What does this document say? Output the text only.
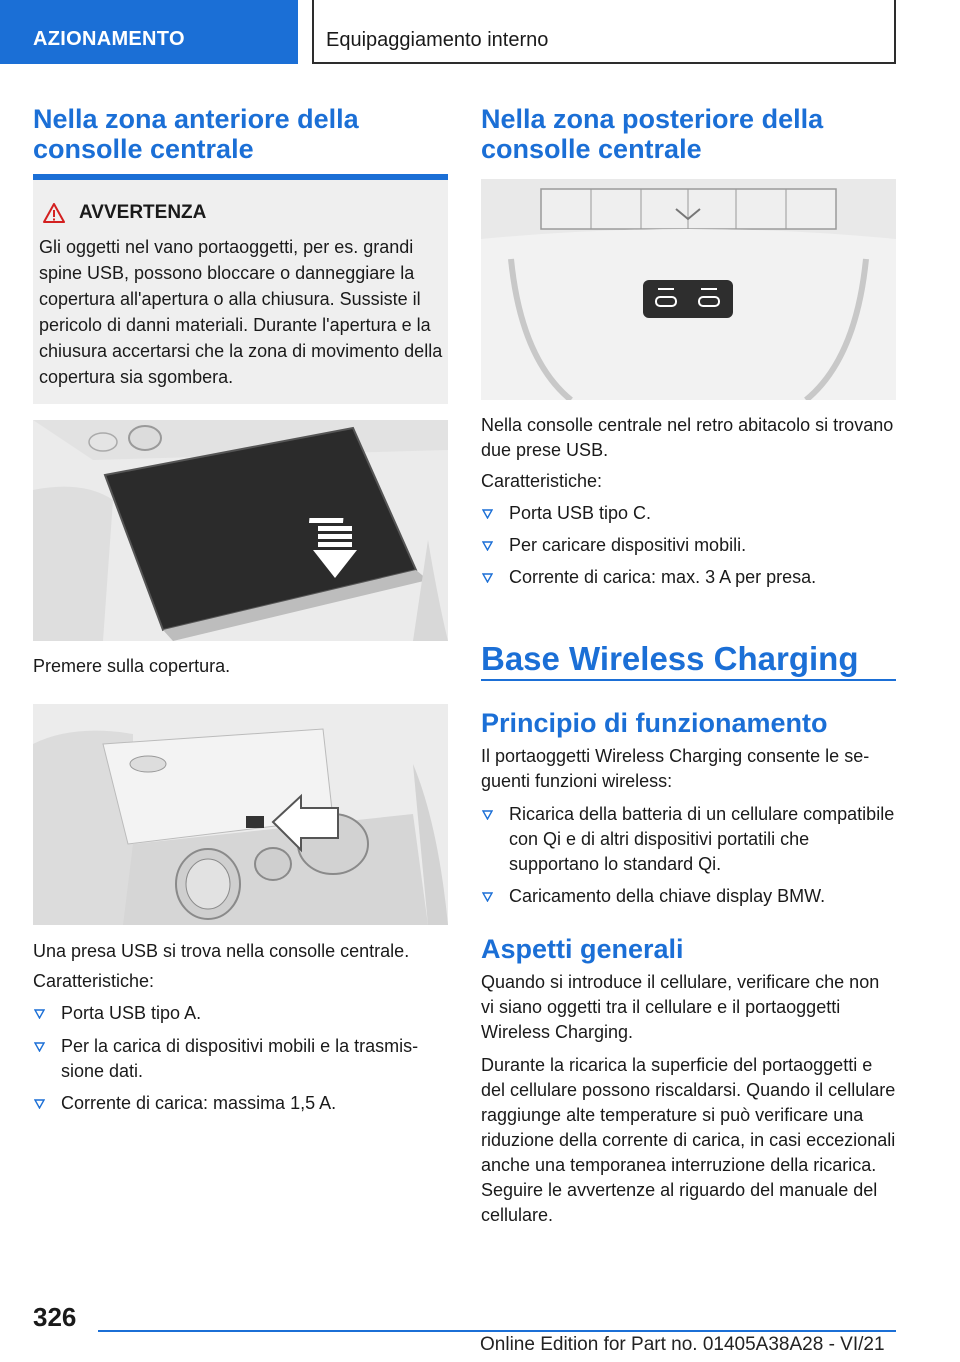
AZIONAMENTO	Equipaggiamento interno
Nella zona anteriore della consolle centrale
AVVERTENZA
Gli oggetti nel vano portaoggetti, per es. grandi spine USB, possono bloccare o danneggiare la copertura all'apertura o alla chiusura. Sussiste il pericolo di danni materiali. Durante l'apertura e la chiusura accertarsi che la zona di movimento della copertura sia sgombera.
Premere sulla copertura.
Una presa USB si trova nella consolle centrale.
Caratteristiche:
Porta USB tipo A.
Per la carica di dispositivi mobili e la trasmissione dati.
Corrente di carica: massima 1,5 A.
Nella zona posteriore della consolle centrale
Nella consolle centrale nel retro abitacolo si trovano due prese USB.
Caratteristiche:
Porta USB tipo C.
Per caricare dispositivi mobili.
Corrente di carica: max. 3 A per presa.
Base Wireless Charging
Principio di funzionamento
Il portaoggetti Wireless Charging consente le seguenti funzioni wireless:
Ricarica della batteria di un cellulare compatibile con Qi e di altri dispositivi portatili che supportano lo standard Qi.
Caricamento della chiave display BMW.
Aspetti generali
Quando si introduce il cellulare, verificare che non vi siano oggetti tra il cellulare e il portaoggetti Wireless Charging.
Durante la ricarica la superficie del portaoggetti e del cellulare possono riscaldarsi. Quando il cellulare raggiunge alte temperature si può verificare una riduzione della corrente di carica, in casi eccezionali anche una temporanea interruzione della ricarica. Seguire le avvertenze al riguardo del manuale del cellulare.
326
Online Edition for Part no. 01405A38A28 - VI/21
